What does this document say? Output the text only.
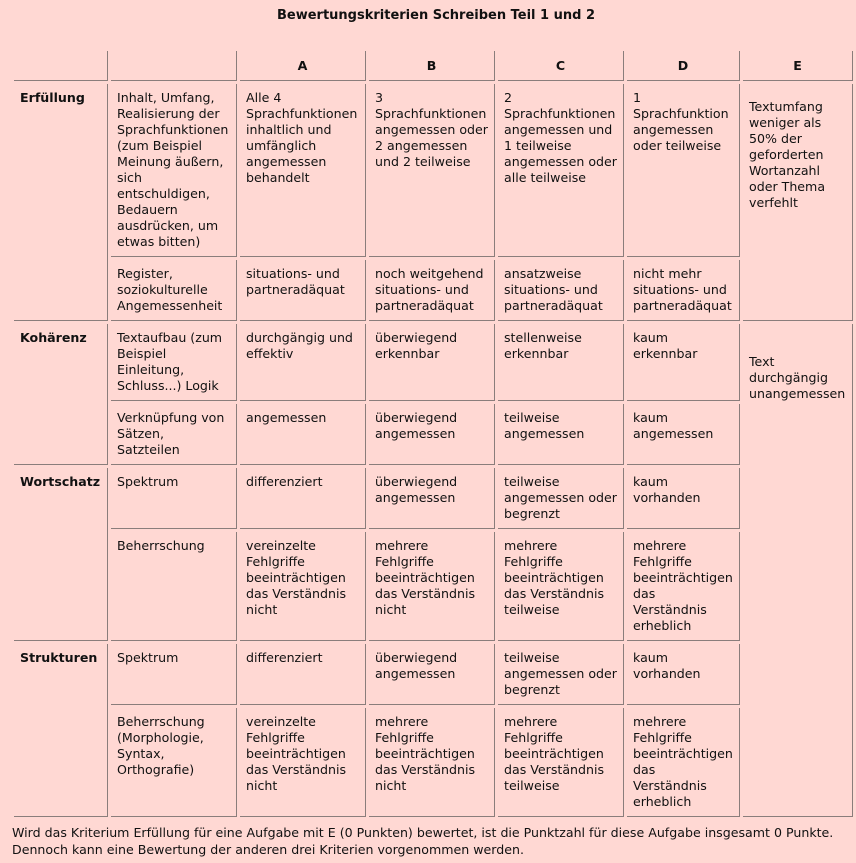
Bewertungskriterien Schreiben Teil 1 und 2
		A	B	C	D	E
Erfüllung	Inhalt, Umfang, Realisierung der Sprachfunktionen (zum Beispiel Meinung äußern, sich entschuldigen, Bedauern ausdrücken, um etwas bitten)	Alle 4 Sprachfunktionen inhaltlich und umfänglich angemessen behandelt	3 Sprachfunktionen angemessen oder 2 angemessen und 2 teilweise	2 Sprachfunktionen angemessen und 1 teilweise angemessen oder alle teilweise	1 Sprachfunktion angemessen oder teilweise	Textumfang weniger als 50% der geforderten Wortanzahl oder Thema verfehlt
	Register, soziokulturelle Angemessenheit	situations- und partneradäquat	noch weitgehend situations- und partneradäquat	ansatzweise situations- und partneradäquat	nicht mehr situations- und partneradäquat	
Kohärenz	Textaufbau (zum Beispiel Einleitung, Schluss...) Logik	durchgängig und effektiv	überwiegend erkennbar	stellenweise erkennbar	kaum erkennbar	Text durchgängig unangemessen
	Verknüpfung von Sätzen, Satzteilen	angemessen	überwiegend angemessen	teilweise angemessen	kaum angemessen	
Wortschatz	Spektrum	differenziert	überwiegend angemessen	teilweise angemessen oder begrenzt	kaum vorhanden	
	Beherrschung	vereinzelte Fehlgriffe beeinträchtigen das Verständnis nicht	mehrere Fehlgriffe beeinträchtigen das Verständnis nicht	mehrere Fehlgriffe beeinträchtigen das Verständnis teilweise	mehrere Fehlgriffe beeinträchtigen das Verständnis erheblich	
Strukturen	Spektrum	differenziert	überwiegend angemessen	teilweise angemessen oder begrenzt	kaum vorhanden	
	Beherrschung (Morphologie, Syntax, Orthografie)	vereinzelte Fehlgriffe beeinträchtigen das Verständnis nicht	mehrere Fehlgriffe beeinträchtigen das Verständnis nicht	mehrere Fehlgriffe beeinträchtigen das Verständnis teilweise	mehrere Fehlgriffe beeinträchtigen das Verständnis erheblich	
Wird das Kriterium Erfüllung für eine Aufgabe mit E (0 Punkten) bewertet, ist die Punktzahl für diese Aufgabe insgesamt 0 Punkte. Dennoch kann eine Bewertung der anderen drei Kriterien vorgenommen werden.
